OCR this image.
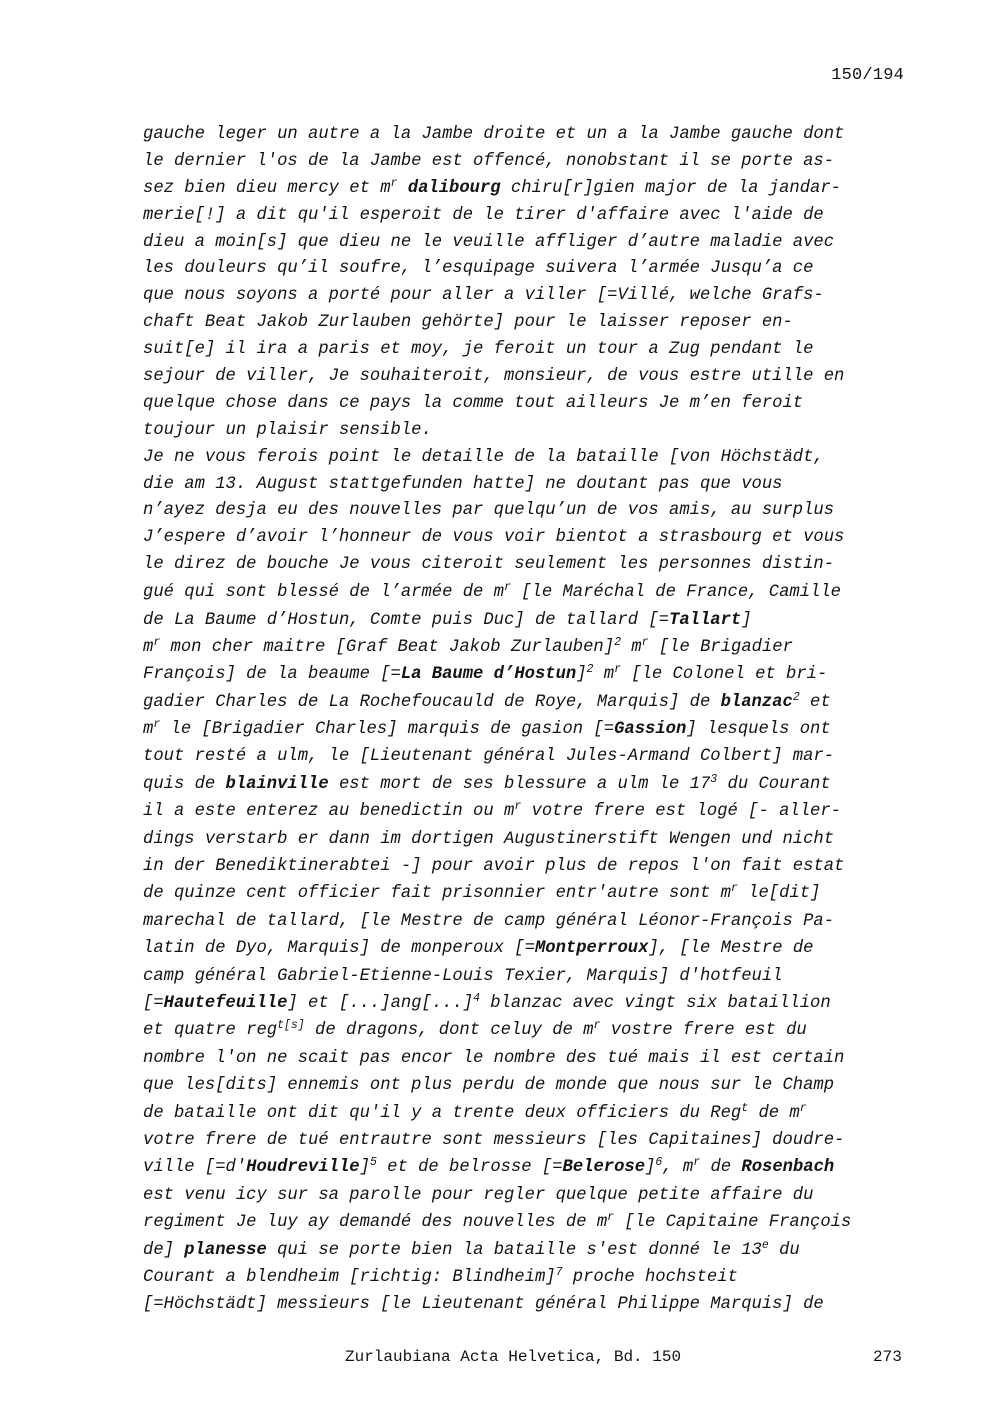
150/194
gauche leger un autre a la Jambe droite et un a la Jambe gauche dont
le dernier l'os de la Jambe est offencé, nonobstant il se porte as-
sez bien dieu mercy et $m^r$ dalibourg chiru[r]gien major de la jandar-
merie[!] a dit qu'il esperoit de le tirer d'affaire avec l'aide de
dieu a moin[s] que dieu ne le veuille affliger d’autre maladie avec
les douleurs qu’il soufre, l’esquipage suivera l’armée Jusqu’a ce
que nous soyons a porté pour aller a viller [=Villé, welche Grafs-
chaft Beat Jakob Zurlauben gehörte] pour le laisser reposer en-
suit[e] il ira a paris et moy, je feroit un tour a Zug pendant le
sejour de viller, Je souhaiteroit, monsieur, de vous estre utille en
quelque chose dans ce pays la comme tout ailleurs Je m’en feroit
toujour un plaisir sensible.
Je ne vous ferois point le detaille de la bataille [von Höchstädt,
die am 13. August stattgefunden hatte] ne doutant pas que vous
n’ayez desja eu des nouvelles par quelqu’un de vos amis, au surplus
J’espere d’avoir l’honneur de vous voir bientot a strasbourg et vous
le direz de bouche Je vous citeroit seulement les personnes distin-
gué qui sont blessé de l’armée de $m^r$ [le Maréchal de France, Camille
de La Baume d’Hostun, Comte puis Duc] de tallard [=Tallart]
$m^r$ mon cher maitre [Graf Beat Jakob Zurlauben]$^2$ $m^r$ [le Brigadier
François] de la beaume [=La Baume d’Hostun]$^2$ $m^r$ [le Colonel et bri-
gadier Charles de La Rochefoucauld de Roye, Marquis] de blanzac$^2$ et
$m^r$ le [Brigadier Charles] marquis de gasion [=Gassion] lesquels ont
tout resté a ulm, le [Lieutenant général Jules-Armand Colbert] mar-
quis de blainville est mort de ses blessure a ulm le $17^3$ du Courant
il a este enterez au benedictin ou $m^r$ votre frere est logé [- aller-
dings verstarb er dann im dortigen Augustinerstift Wengen und nicht
in der Benediktinerabtei -] pour avoir plus de repos l'on fait estat
de quinze cent officier fait prisonnier entr'autre sont $m^r$ le[dit]
marechal de tallard, [le Mestre de camp général Léonor-François Pa-
latin de Dyo, Marquis] de monperoux [=Montperroux], [le Mestre de
camp général Gabriel-Etienne-Louis Texier, Marquis] d'hotfeuil
[=Hautefeuille] et [...]ang[...]$^4$ blanzac avec vingt six bataillion
et quatre reg$^{t[s]}$ de dragons, dont celuy de $m^r$ vostre frere est du
nombre l'on ne scait pas encor le nombre des tué mais il est certain
que les[dits] ennemis ont plus perdu de monde que nous sur le Champ
de bataille ont dit qu'il y a trente deux officiers du Reg$^t$ de $m^r$
votre frere de tué entrautre sont messieurs [les Capitaines] doudre-
ville [=d'Houdreville]$^5$ et de belrosse [=Belerose]$^6$, $m^r$ de Rosenbach
est venu icy sur sa parolle pour regler quelque petite affaire du
regiment Je luy ay demandé des nouvelles de $m^r$ [le Capitaine François
de] planesse qui se porte bien la bataille s'est donné le 13e du
Courant a blendheim [richtig: Blindheim]$^7$ proche hochsteit
[=Höchstädt] messieurs [le Lieutenant général Philippe Marquis] de
Zurlaubiana Acta Helvetica, Bd. 150	273
